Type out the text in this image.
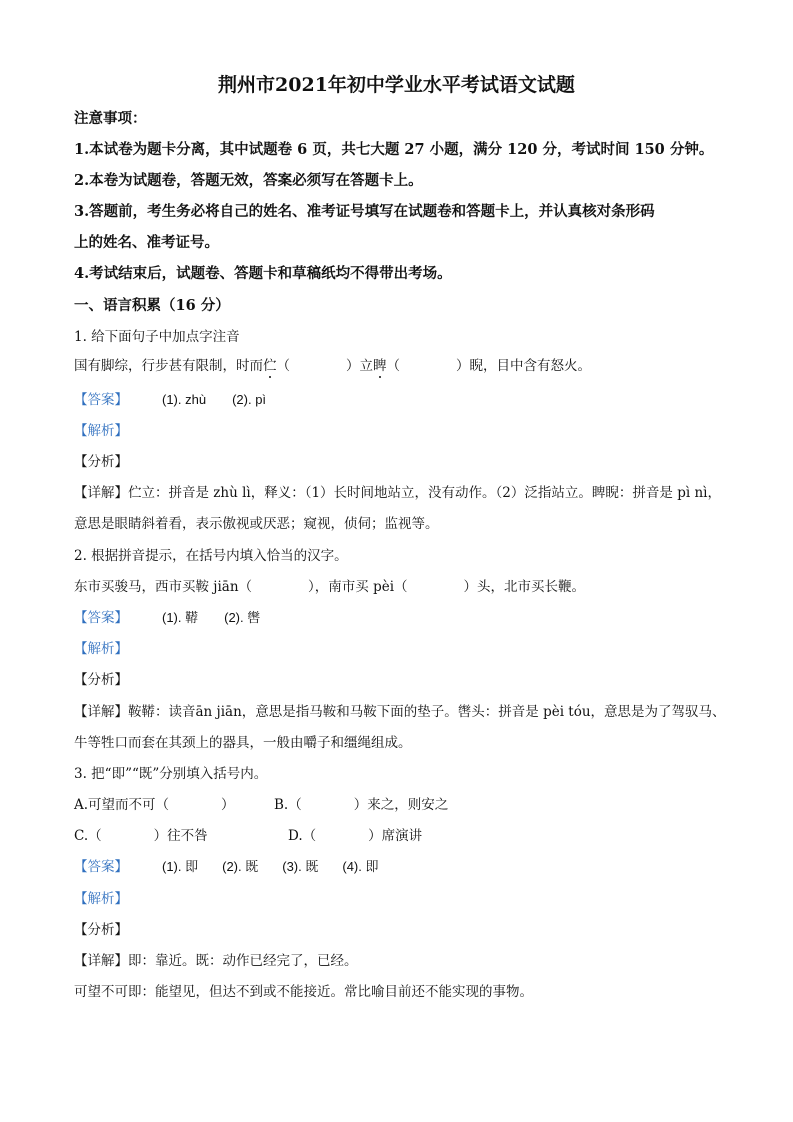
荆州市2021年初中学业水平考试语文试题
注意事项：
1.本试卷为题卡分离，其中试题卷 6 页，共七大题 27 小题，满分 120 分，考试时间 150 分钟。
2.本卷为试题卷，答题无效，答案必须写在答题卡上。
3.答题前，考生务必将自己的姓名、准考证号填写在试题卷和答题卡上，并认真核对条形码
上的姓名、准考证号。
4.考试结束后，试题卷、答题卡和草稿纸均不得带出考场。
一、语言积累（16 分）
1. 给下面句子中加点字注音
国有脚综，行步甚有限制，时而伫（	）立睥（	）睨，目中含有怒火。
【答案】	(1). zhù (2). pì
【解析】
【分析】
【详解】伫立：拼音是 zhù lì，释义：（1）长时间地站立，没有动作。（2）泛指站立。睥睨：拼音是 pì nì，
意思是眼睛斜着看，表示傲视或厌恶；窥视，侦伺；监视等。
2. 根据拼音提示，在括号内填入恰当的汉字。
东市买骏马，西市买鞍 jiān（	），南市买 pèi（	）头，北市买长鞭。
【答案】	(1). 鞯 (2). 辔
【解析】
【分析】
【详解】鞍鞯：读音ān jiān，意思是指马鞍和马鞍下面的垫子。辔头：拼音是 pèi tóu，意思是为了驾驭马、
牛等牲口而套在其颈上的器具，一般由嚼子和缰绳组成。
3. 把“即”“既”分别填入括号内。
A.可望而不可（	）	B.（	）来之，则安之
C.（	）往不咎	D.（	）席演讲
【答案】	(1). 即 (2). 既 (3). 既 (4). 即
【解析】
【分析】
【详解】即：靠近。既：动作已经完了，已经。
可望不可即：能望见，但达不到或不能接近。常比喻目前还不能实现的事物。
